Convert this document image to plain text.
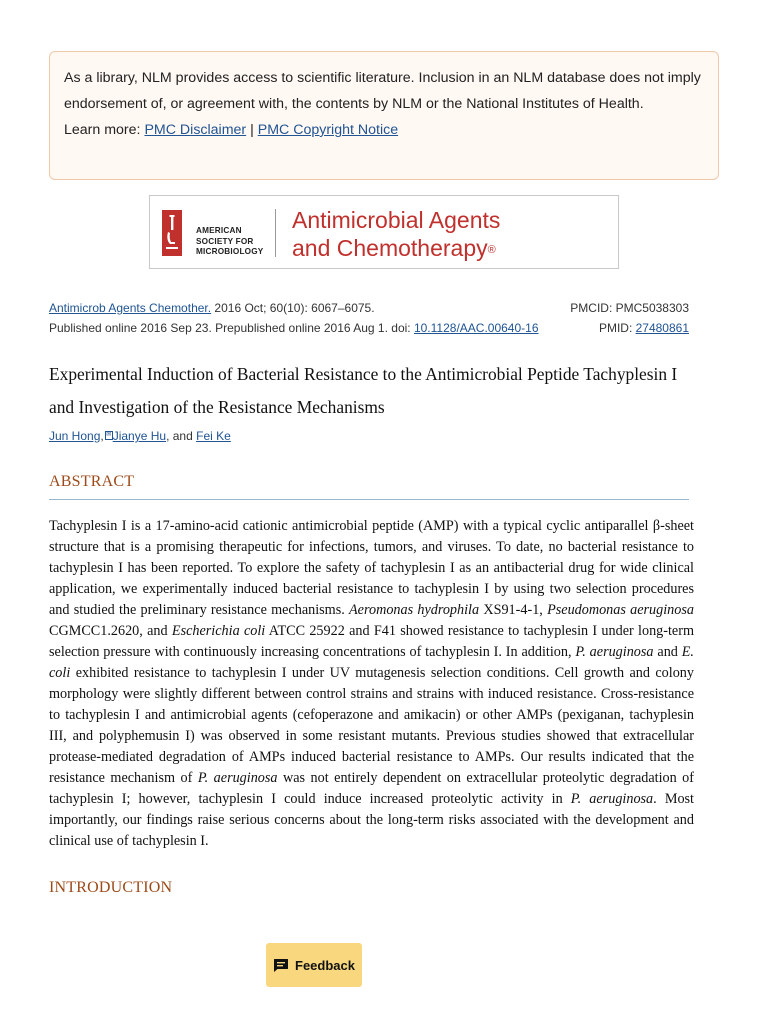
As a library, NLM provides access to scientific literature. Inclusion in an NLM database does not imply endorsement of, or agreement with, the contents by NLM or the National Institutes of Health.
Learn more: PMC Disclaimer | PMC Copyright Notice
AMERICAN
SOCIETY FOR
MICROBIOLOGY
Antimicrobial Agents
and Chemotherapy®
Antimicrob Agents Chemother. 2016 Oct; 60(10): 6067–6075.	PMCID: PMC5038303
Published online 2016 Sep 23. Prepublished online 2016 Aug 1. doi: 10.1128/AAC.00640-16	PMID: 27480861
Experimental Induction of Bacterial Resistance to the Antimicrobial Peptide Tachyplesin I and Investigation of the Resistance Mechanisms
Jun Hong, ✉Jianye Hu, and Fei Ke
ABSTRACT

Tachyplesin I is a 17-amino-acid cationic antimicrobial peptide (AMP) with a typical cyclic antiparallel β-sheet structure that is a promising therapeutic for infections, tumors, and viruses. To date, no bacterial resistance to tachyplesin I has been reported. To explore the safety of tachyplesin I as an antibacterial drug for wide clinical application, we experimentally induced bacterial resistance to tachyplesin I by using two selection procedures and studied the preliminary resistance mechanisms. Aeromonas hydrophila XS91-4-1, Pseudomonas aeruginosa CGMCC1.2620, and Escherichia coli ATCC 25922 and F41 showed resistance to tachyplesin I under long-term selection pressure with continuously increasing concentrations of tachyplesin I. In addition, P. aeruginosa and E. coli exhibited resistance to tachyplesin I under UV mutagenesis selection conditions. Cell growth and colony morphology were slightly different between control strains and strains with induced resistance. Cross-resistance to tachyplesin I and antimicrobial agents (cefoperazone and amikacin) or other AMPs (pexiganan, tachyplesin III, and polyphemusin I) was observed in some resistant mutants. Previous studies showed that extracellular protease-mediated degradation of AMPs induced bacterial resistance to AMPs. Our results indicated that the resistance mechanism of P. aeruginosa was not entirely dependent on extracellular proteolytic degradation of tachyplesin I; however, tachyplesin I could induce increased proteolytic activity in P. aeruginosa. Most importantly, our findings raise serious concerns about the long-term risks associated with the development and clinical use of tachyplesin I.

INTRODUCTION
Feedback
